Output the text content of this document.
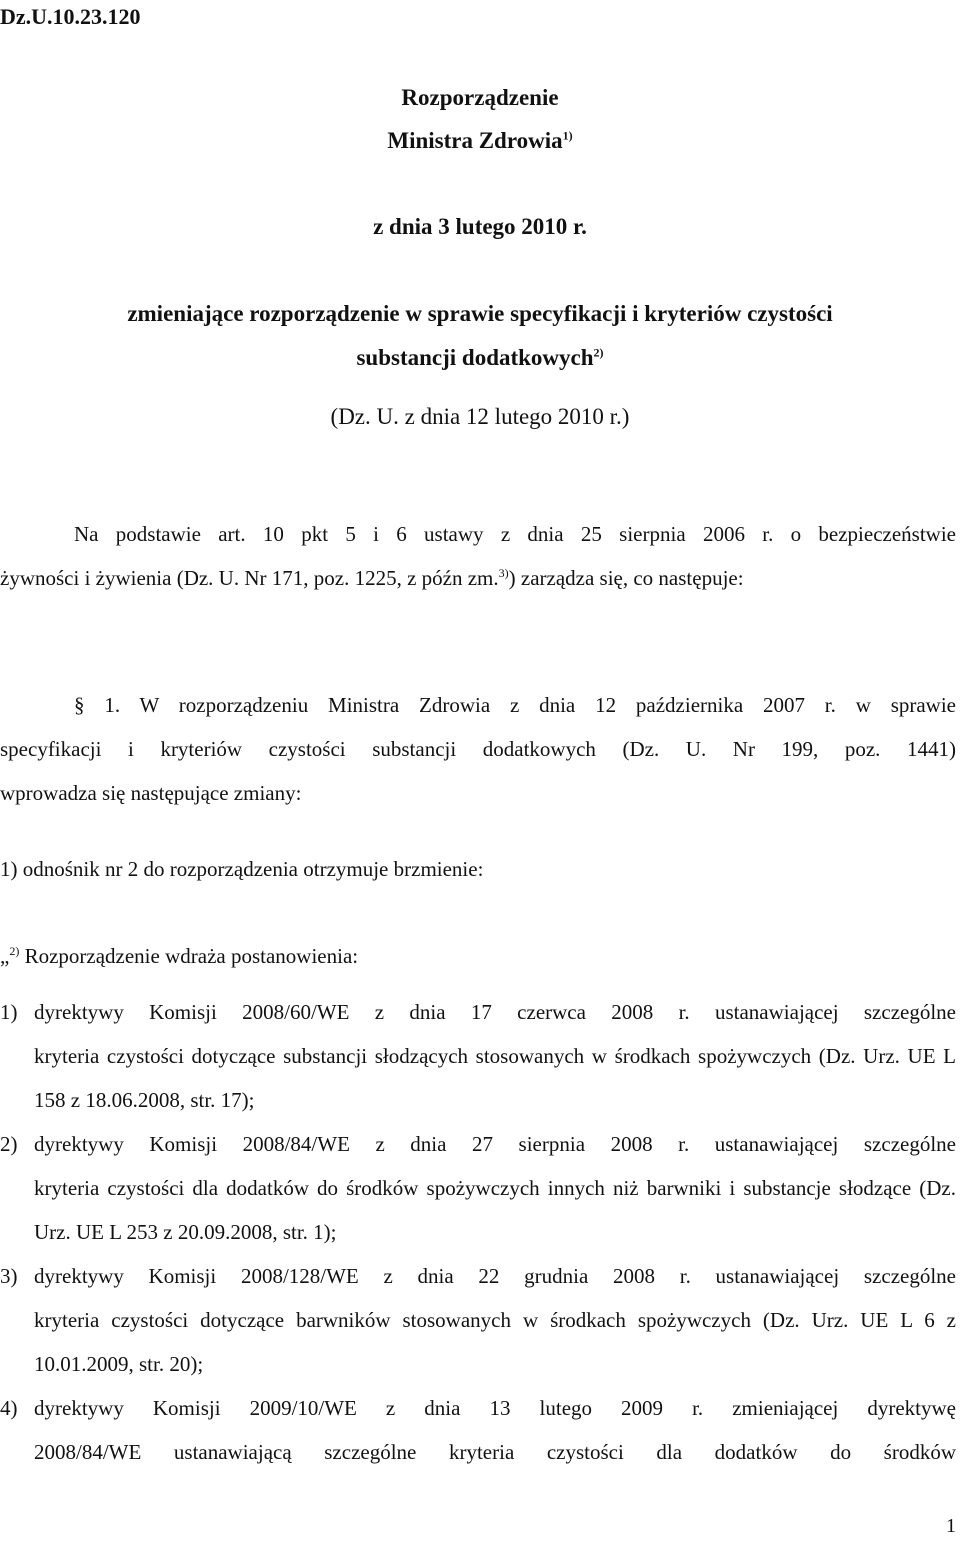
Dz.U.10.23.120
Rozporządzenie
Ministra Zdrowia$^{1)}$
z dnia 3 lutego 2010 r.
zmieniające rozporządzenie w sprawie specyfikacji i kryteriów czystości
substancji dodatkowych$^{2)}$
(Dz. U. z dnia 12 lutego 2010 r.)
Na podstawie art. 10 pkt 5 i 6 ustawy z dnia 25 sierpnia 2006 r. o bezpieczeństwie
żywności i żywienia (Dz. U. Nr 171, poz. 1225, z późn zm.$^{3)}$) zarządza się, co następuje:
§ 1. W rozporządzeniu Ministra Zdrowia z dnia 12 października 2007 r. w sprawie
specyfikacji i kryteriów czystości substancji dodatkowych (Dz. U. Nr 199, poz. 1441)
wprowadza się następujące zmiany:
1) odnośnik nr 2 do rozporządzenia otrzymuje brzmienie:
„$^{2)}$ Rozporządzenie wdraża postanowienia:
1) dyrektywy Komisji 2008/60/WE z dnia 17 czerwca 2008 r. ustanawiającej szczególne
kryteria czystości dotyczące substancji słodzących stosowanych w środkach spożywczych (Dz. Urz. UE L 158 z 18.06.2008, str. 17);
2) dyrektywy Komisji 2008/84/WE z dnia 27 sierpnia 2008 r. ustanawiającej szczególne
kryteria czystości dla dodatków do środków spożywczych innych niż barwniki i substancje słodzące (Dz. Urz. UE L 253 z 20.09.2008, str. 1);
3) dyrektywy Komisji 2008/128/WE z dnia 22 grudnia 2008 r. ustanawiającej szczególne
kryteria czystości dotyczące barwników stosowanych w środkach spożywczych (Dz. Urz. UE L 6 z 10.01.2009, str. 20);
4) dyrektywy Komisji 2009/10/WE z dnia 13 lutego 2009 r. zmieniającej dyrektywę
2008/84/WE ustanawiającą szczególne kryteria czystości dla dodatków do środków
1
